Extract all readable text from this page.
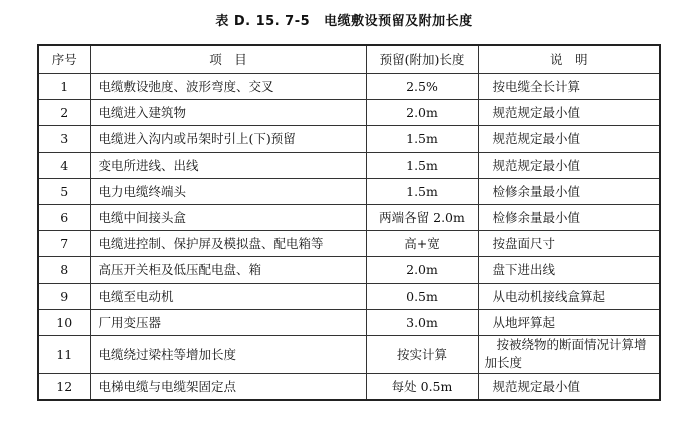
表 D. 15. 7-5 电缆敷设预留及附加长度
序号	项　目	预留(附加)长度	说　明
1	电缆敷设弛度、波形弯度、交叉	2.5%	按电缆全长计算
2	电缆进入建筑物	2.0m	规范规定最小值
3	电缆进入沟内或吊架时引上(下)预留	1.5m	规范规定最小值
4	变电所进线、出线	1.5m	规范规定最小值
5	电力电缆终端头	1.5m	检修余量最小值
6	电缆中间接头盒	两端各留 2.0m	检修余量最小值
7	电缆进控制、保护屏及模拟盘、配电箱等	高+宽	按盘面尺寸
8	高压开关柜及低压配电盘、箱	2.0m	盘下进出线
9	电缆至电动机	0.5m	从电动机接线盒算起
10	厂用变压器	3.0m	从地坪算起
11	电缆绕过梁柱等增加长度	按实计算	按被绕物的断面情况计算增加长度
12	电梯电缆与电缆架固定点	每处 0.5m	规范规定最小值
